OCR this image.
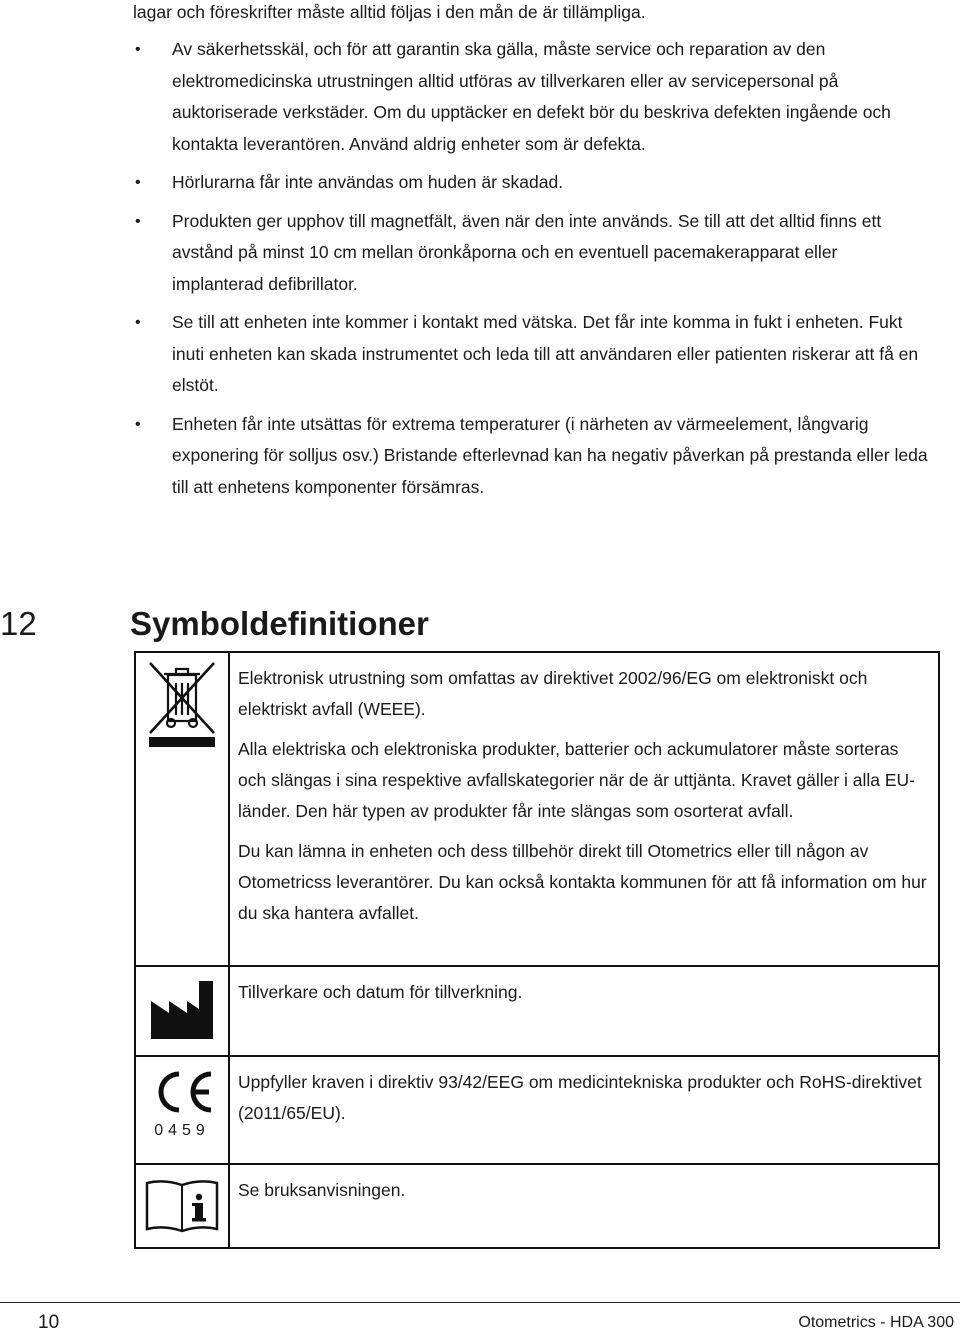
lagar och föreskrifter måste alltid följas i den mån de är tillämpliga.
• Av säkerhetsskäl, och för att garantin ska gälla, måste service och reparation av den elektromedicinska utrustningen alltid utföras av tillverkaren eller av servicepersonal på auktoriserade verkstäder. Om du upptäcker en defekt bör du beskriva defekten ingående och kontakta leverantören. Använd aldrig enheter som är defekta.
• Hörlurarna får inte användas om huden är skadad.
• Produkten ger upphov till magnetfält, även när den inte används. Se till att det alltid finns ett avstånd på minst 10 cm mellan öronkåporna och en eventuell pacemakerapparat eller implanterad defibrillator.
• Se till att enheten inte kommer i kontakt med vätska. Det får inte komma in fukt i enheten. Fukt inuti enheten kan skada instrumentet och leda till att användaren eller patienten riskerar att få en elstöt.
• Enheten får inte utsättas för extrema temperaturer (i närheten av värmeelement, långvarig exponering för solljus osv.) Bristande efterlevnad kan ha negativ påverkan på prestanda eller leda till att enhetens komponenter försämras.
12	Symboldefinitioner

Elektronisk utrustning som omfattas av direktivet 2002/96/EG om elektroniskt och elektriskt avfall (WEEE).

Alla elektriska och elektroniska produkter, batterier och ackumulatorer måste sorteras och slängas i sina respektive avfallskategorier när de är uttjänta. Kravet gäller i alla EU-länder. Den här typen av produkter får inte slängas som osorterat avfall.

Du kan lämna in enheten och dess tillbehör direkt till Otometrics eller till någon av Otometricss leverantörer. Du kan också kontakta kommunen för att få information om hur du ska hantera avfallet.

Tillverkare och datum för tillverkning.

0459	Uppfyller kraven i direktiv 93/42/EEG om medicintekniska produkter och RoHS-direktivet (2011/65/EU).

Se bruksanvisningen.

10	Otometrics - HDA 300
